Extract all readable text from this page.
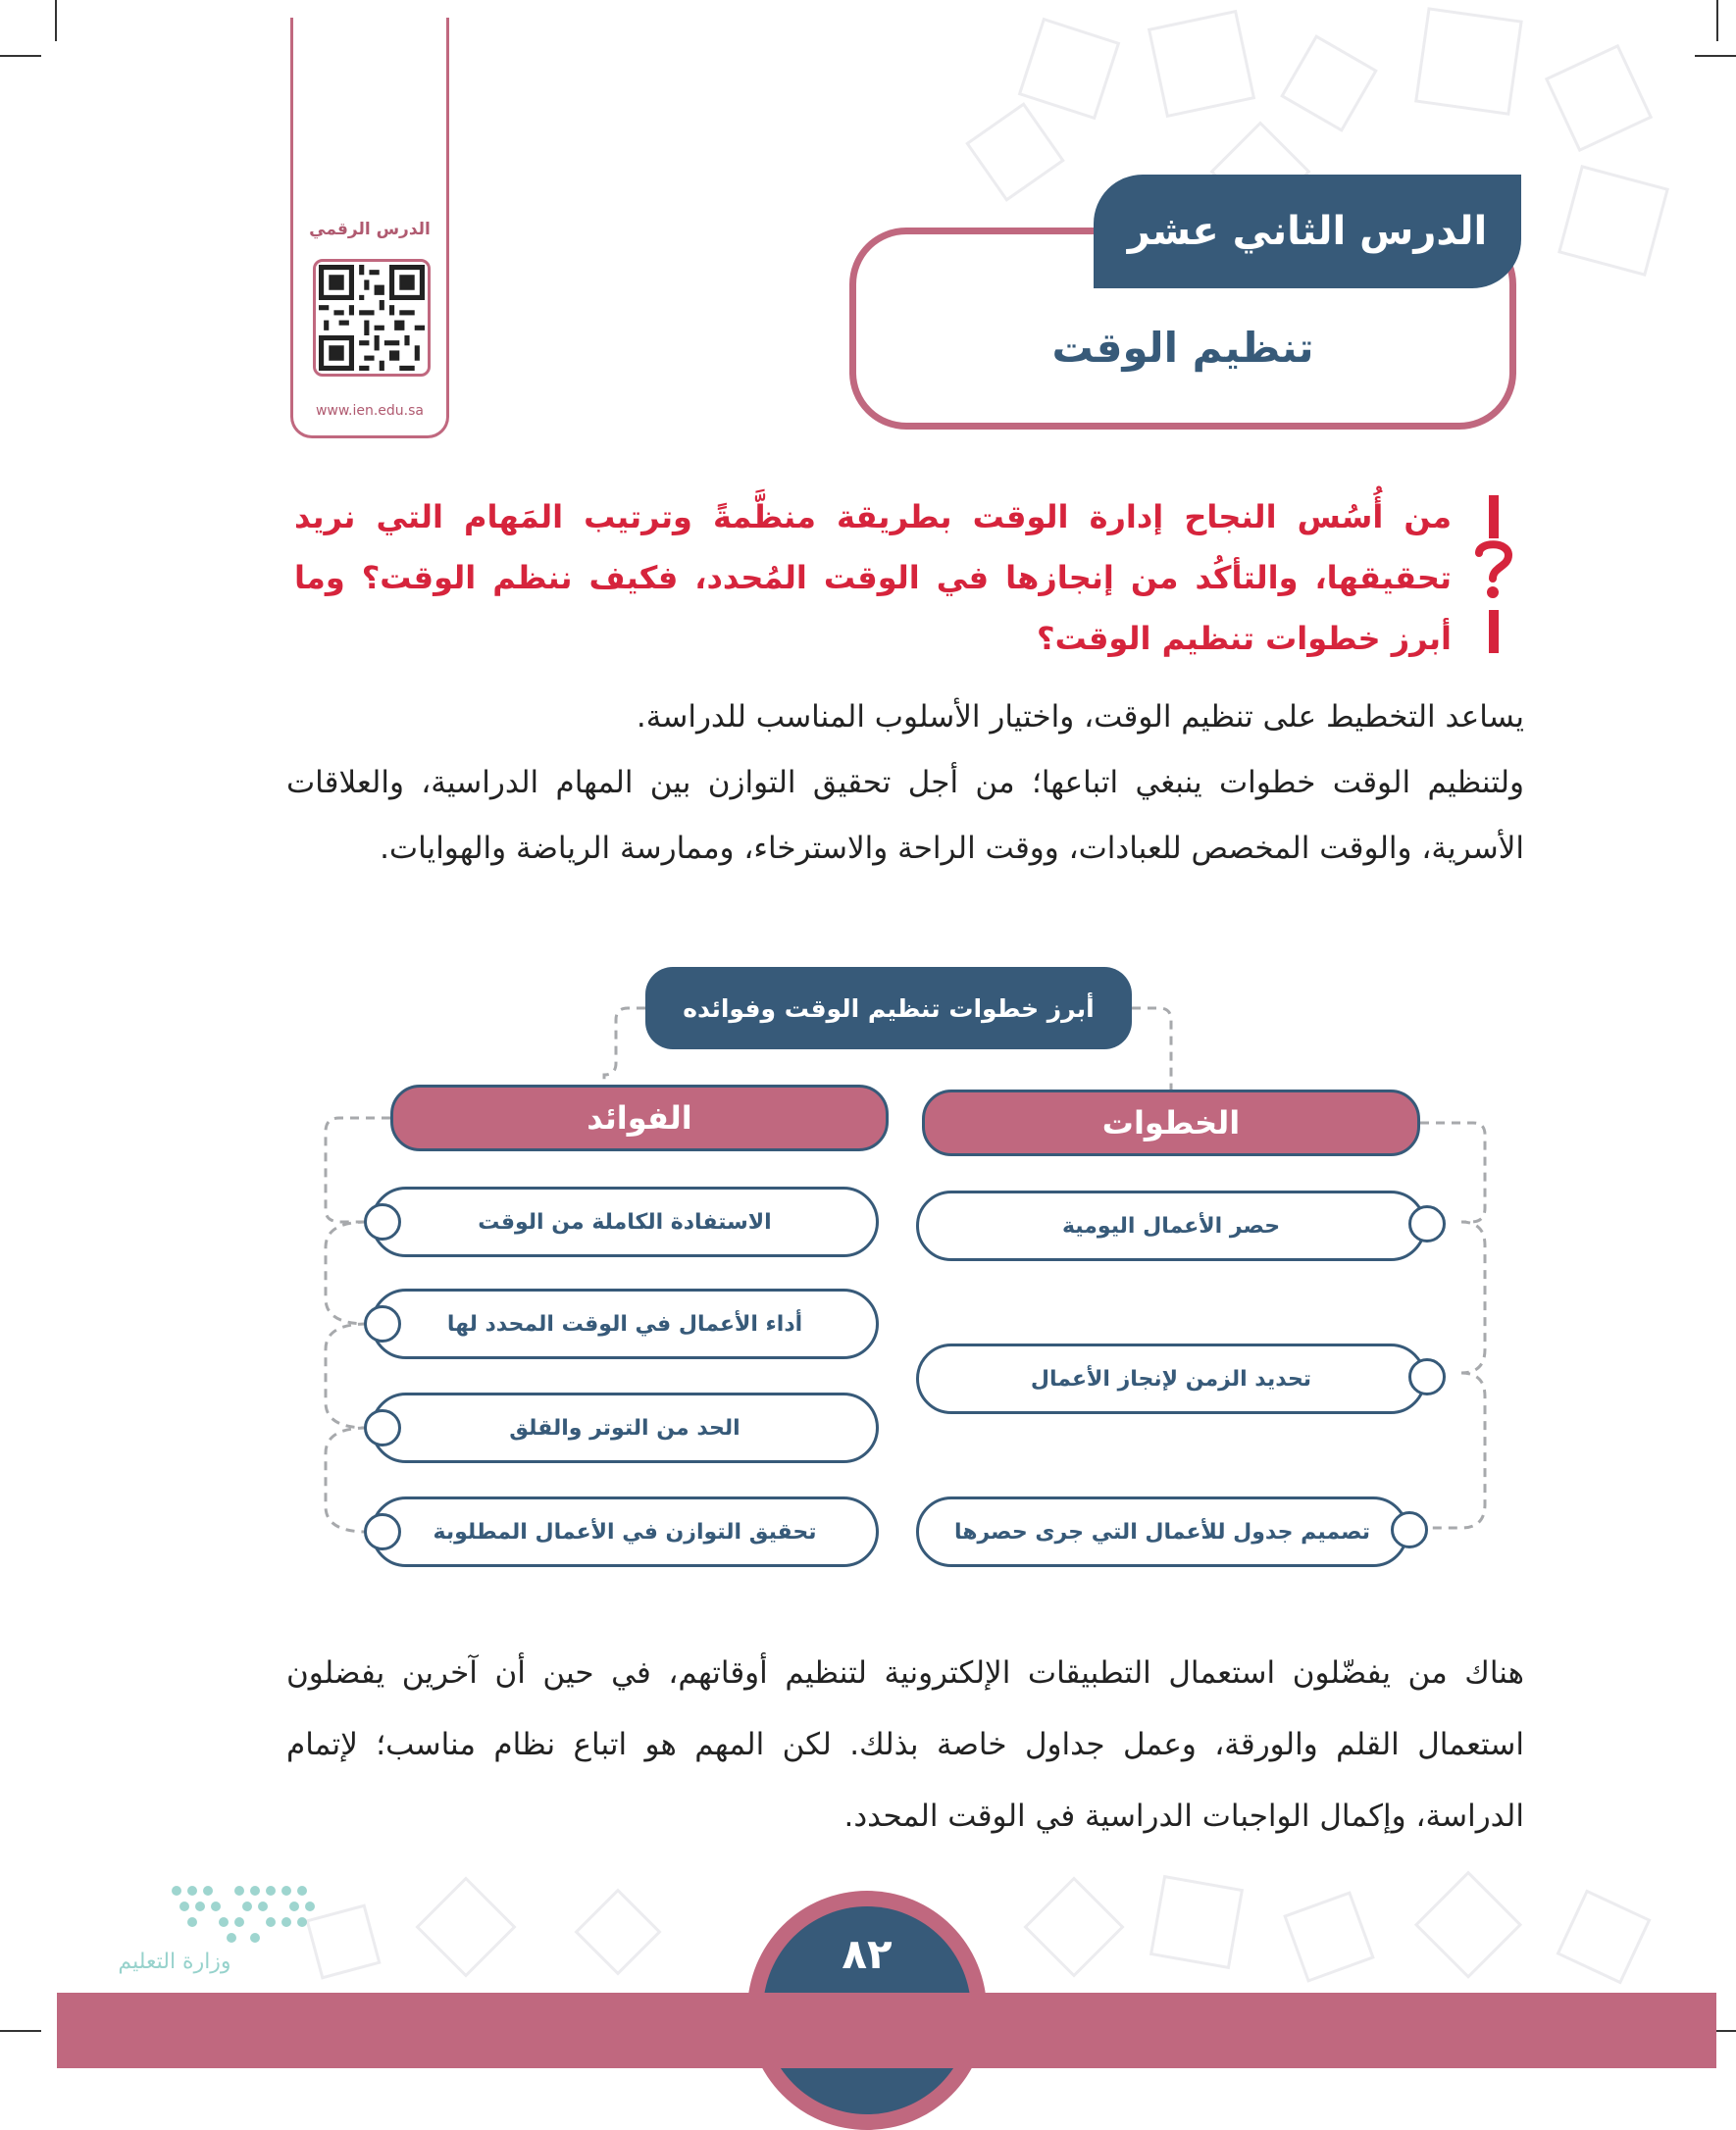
الدرس الرقمي
www.ien.edu.sa
الدرس الثاني عشر
تنظيم الوقت
من أُسُس النجاح إدارة الوقت بطريقة منظَّمةً وترتيب المَهام التي نريد تحقيقها، والتأكُد من إنجازها في الوقت المُحدد، فكيف ننظم الوقت؟ وما أبرز خطوات تنظيم الوقت؟
يساعد التخطيط على تنظيم الوقت، واختيار الأسلوب المناسب للدراسة.
ولتنظيم الوقت خطوات ينبغي اتباعها؛ من أجل تحقيق التوازن بين المهام الدراسية، والعلاقات الأسرية، والوقت المخصص للعبادات، ووقت الراحة والاسترخاء، وممارسة الرياضة والهوايات.
أبرز خطوات تنظيم الوقت وفوائده
الخطوات
الفوائد
حصر الأعمال اليومية
تحديد الزمن لإنجاز الأعمال
تصميم جدول للأعمال التي جرى حصرها
الاستفادة الكاملة من الوقت
أداء الأعمال في الوقت المحدد لها
الحد من التوتر والقلق
تحقيق التوازن في الأعمال المطلوبة
هناك من يفضّلون استعمال التطبيقات الإلكترونية لتنظيم أوقاتهم، في حين أن آخرين يفضلون استعمال القلم والورقة، وعمل جداول خاصة بذلك. لكن المهم هو اتباع نظام مناسب؛ لإتمام الدراسة، وإكمال الواجبات الدراسية في الوقت المحدد.
٨٢
وزارة التعليم
